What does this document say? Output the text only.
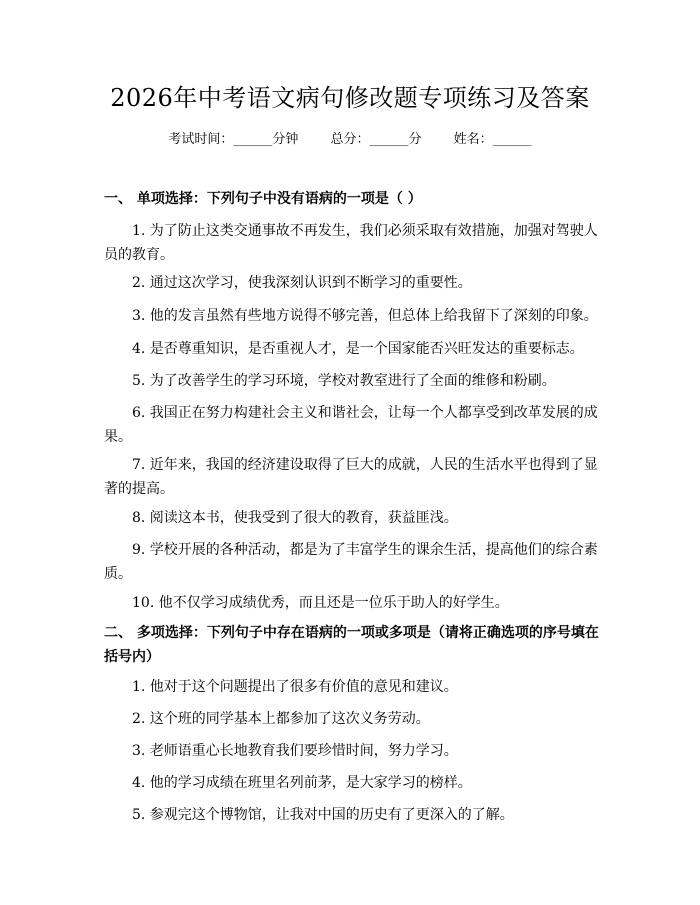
2026年中考语文病句修改题专项练习及答案
考试时间：______分钟 总分：______分 姓名：______
一、 单项选择：下列句子中没有语病的一项是（ ）
1. 为了防止这类交通事故不再发生，我们必须采取有效措施，加强对驾驶人员的教育。
2. 通过这次学习，使我深刻认识到不断学习的重要性。
3. 他的发言虽然有些地方说得不够完善，但总体上给我留下了深刻的印象。
4. 是否尊重知识，是否重视人才，是一个国家能否兴旺发达的重要标志。
5. 为了改善学生的学习环境，学校对教室进行了全面的维修和粉刷。
6. 我国正在努力构建社会主义和谐社会，让每一个人都享受到改革发展的成果。
7. 近年来，我国的经济建设取得了巨大的成就，人民的生活水平也得到了显著的提高。
8. 阅读这本书，使我受到了很大的教育，获益匪浅。
9. 学校开展的各种活动，都是为了丰富学生的课余生活，提高他们的综合素质。
10. 他不仅学习成绩优秀，而且还是一位乐于助人的好学生。
二、 多项选择：下列句子中存在语病的一项或多项是（请将正确选项的序号填在括号内）
1. 他对于这个问题提出了很多有价值的意见和建议。
2. 这个班的同学基本上都参加了这次义务劳动。
3. 老师语重心长地教育我们要珍惜时间，努力学习。
4. 他的学习成绩在班里名列前茅，是大家学习的榜样。
5. 参观完这个博物馆，让我对中国的历史有了更深入的了解。
